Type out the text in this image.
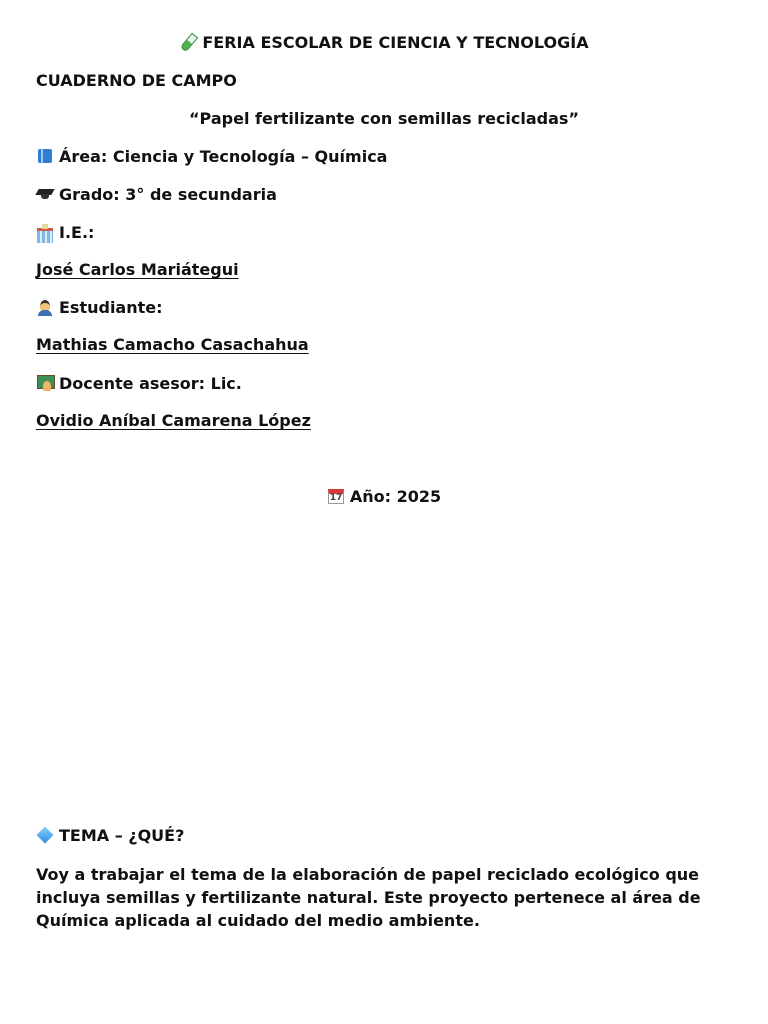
FERIA ESCOLAR DE CIENCIA Y TECNOLOGÍA
CUADERNO DE CAMPO
“Papel fertilizante con semillas recicladas”
Área: Ciencia y Tecnología – Química
Grado: 3° de secundaria
I.E.:
José Carlos Mariátegui
Estudiante:
Mathias Camacho Casachahua
Docente asesor: Lic.
Ovidio Aníbal Camarena López
17Año: 2025
TEMA – ¿QUÉ?
Voy a trabajar el tema de la elaboración de papel reciclado ecológico que incluya semillas y fertilizante natural. Este proyecto pertenece al área de Química aplicada al cuidado del medio ambiente.
